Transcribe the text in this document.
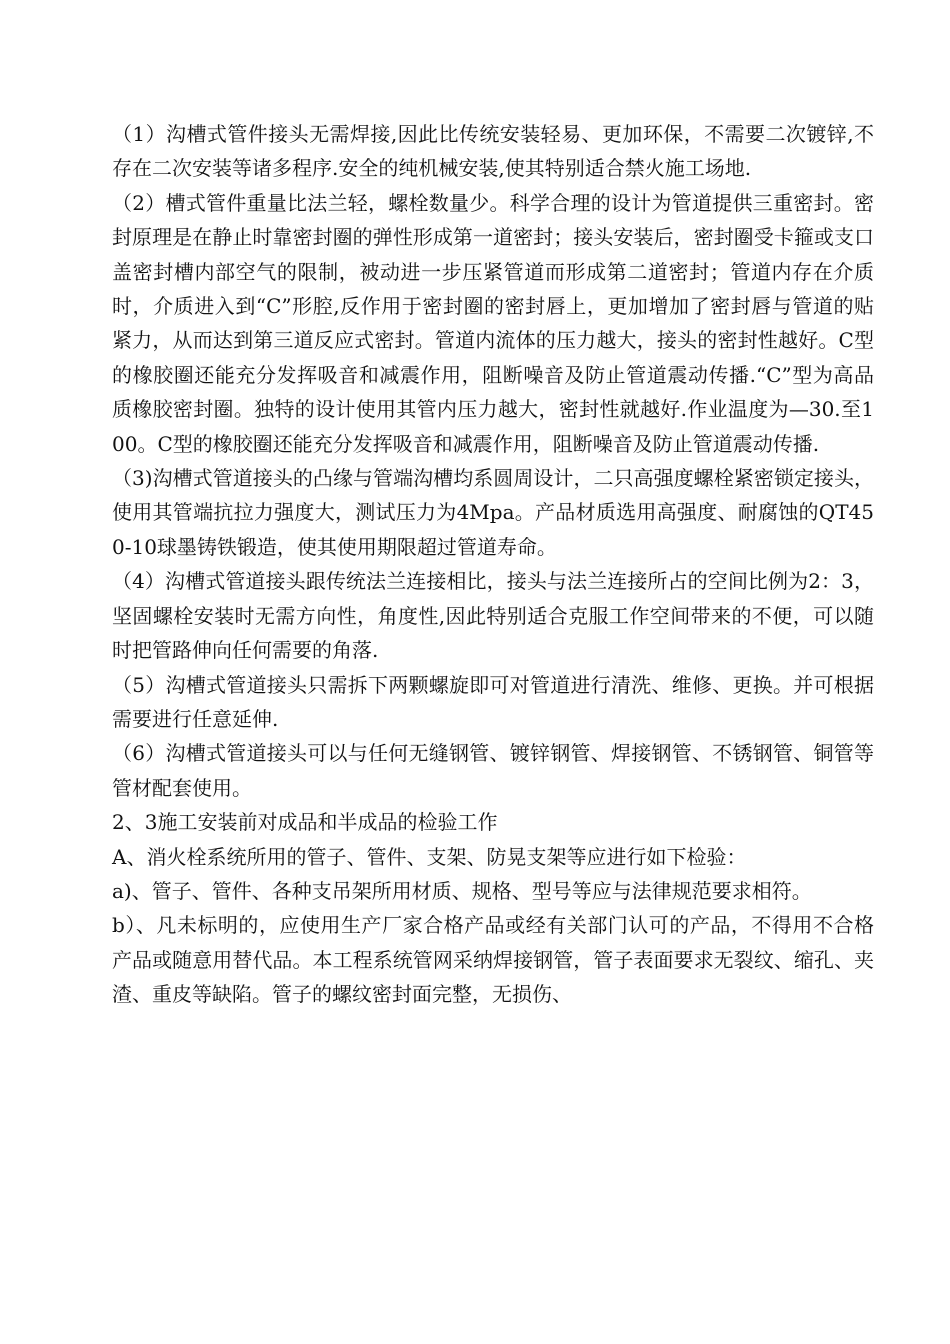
（1）沟槽式管件接头无需焊接,因此比传统安装轻易、更加环保，不需要二次镀锌,不存在二次安装等诸多程序.安全的纯机械安装,使其特别适合禁火施工场地.

（2）槽式管件重量比法兰轻，螺栓数量少。科学合理的设计为管道提供三重密封。密封原理是在静止时靠密封圈的弹性形成第一道密封；接头安装后，密封圈受卡箍或支口盖密封槽内部空气的限制，被动进一步压紧管道而形成第二道密封；管道内存在介质时，介质进入到“C”形腔,反作用于密封圈的密封唇上，更加增加了密封唇与管道的贴紧力，从而达到第三道反应式密封。管道内流体的压力越大，接头的密封性越好。C型的橡胶圈还能充分发挥吸音和减震作用，阻断噪音及防止管道震动传播.“C”型为高品质橡胶密封圈。独特的设计使用其管内压力越大，密封性就越好.作业温度为—30.至100。C型的橡胶圈还能充分发挥吸音和减震作用，阻断噪音及防止管道震动传播.

（3)沟槽式管道接头的凸缘与管端沟槽均系圆周设计，二只高强度螺栓紧密锁定接头，使用其管端抗拉力强度大，测试压力为4Mpa。产品材质选用高强度、耐腐蚀的QT450-10球墨铸铁锻造，使其使用期限超过管道寿命。

（4）沟槽式管道接头跟传统法兰连接相比，接头与法兰连接所占的空间比例为2：3，坚固螺栓安装时无需方向性，角度性,因此特别适合克服工作空间带来的不便，可以随时把管路伸向任何需要的角落.

（5）沟槽式管道接头只需拆下两颗螺旋即可对管道进行清洗、维修、更换。并可根据需要进行任意延伸.

（6）沟槽式管道接头可以与任何无缝钢管、镀锌钢管、焊接钢管、不锈钢管、铜管等管材配套使用。

2、3施工安装前对成品和半成品的检验工作

A、消火栓系统所用的管子、管件、支架、防晃支架等应进行如下检验：

a)、管子、管件、各种支吊架所用材质、规格、型号等应与法律规范要求相符。

b）、凡未标明的，应使用生产厂家合格产品或经有关部门认可的产品，不得用不合格产品或随意用替代品。本工程系统管网采纳焊接钢管，管子表面要求无裂纹、缩孔、夹渣、重皮等缺陷。管子的螺纹密封面完整，无损伤、
